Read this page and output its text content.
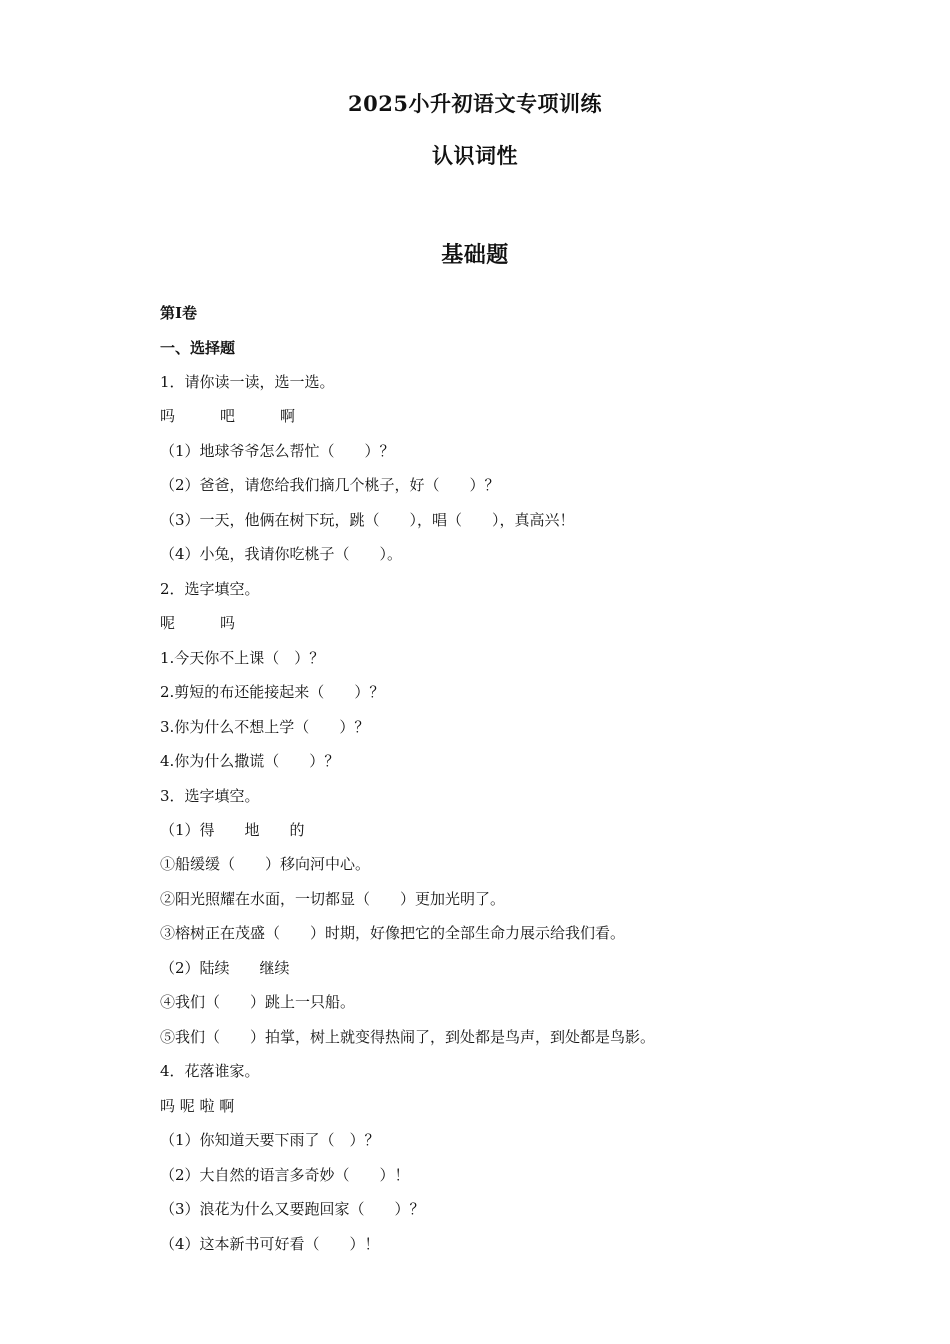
2025小升初语文专项训练
认识词性
基础题
第I卷
一、选择题
1．请你读一读，选一选。
吗　　　吧　　　啊
（1）地球爷爷怎么帮忙（　　）？
（2）爸爸，请您给我们摘几个桃子，好（　　）？
（3）一天，他俩在树下玩，跳（　　），唱（　　），真高兴！
（4）小兔，我请你吃桃子（　　）。
2．选字填空。
呢　　　吗
1.今天你不上课（　）？
2.剪短的布还能接起来（　　）？
3.你为什么不想上学（　　）？
4.你为什么撒谎（　　）？
3．选字填空。
（1）得　　地　　的
①船缓缓（　　）移向河中心。
②阳光照耀在水面，一切都显（　　）更加光明了。
③榕树正在茂盛（　　）时期，好像把它的全部生命力展示给我们看。
（2）陆续　　继续
④我们（　　）跳上一只船。
⑤我们（　　）拍掌，树上就变得热闹了，到处都是鸟声，到处都是鸟影。
4．花落谁家。
吗 呢 啦 啊
（1）你知道天要下雨了（　）？
（2）大自然的语言多奇妙（　　）！
（3）浪花为什么又要跑回家（　　）？
（4）这本新书可好看（　　）！
